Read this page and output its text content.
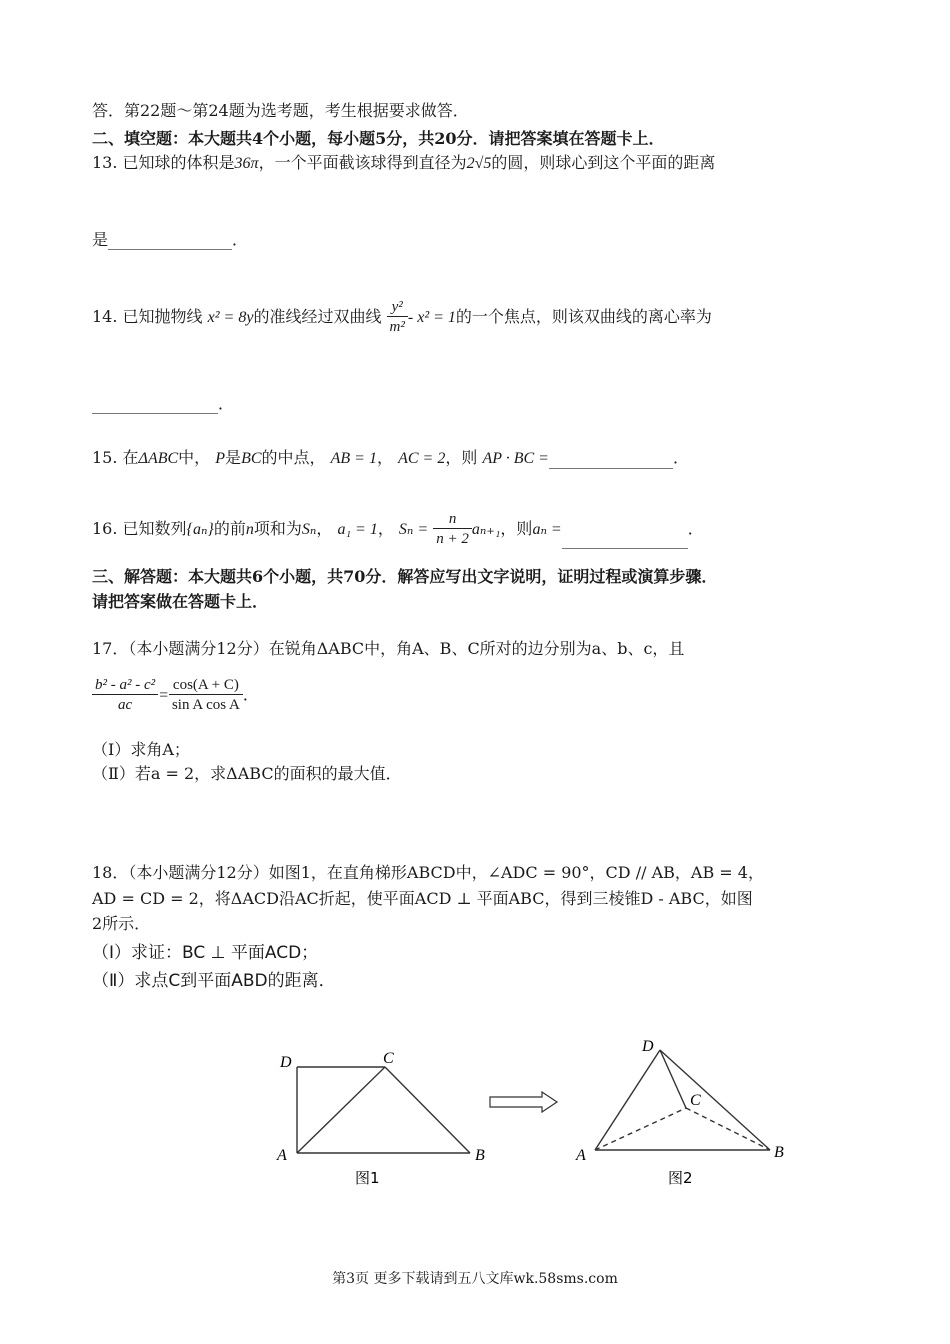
答．第22题～第24题为选考题，考生根据要求做答．
二、填空题：本大题共4个小题，每小题5分，共20分．请把答案填在答题卡上．
13. 已知球的体积是36π，一个平面截该球得到直径为2√5的圆，则球心到这个平面的距离
是	．
14. 已知抛物线 x² = 8y的准线经过双曲线 $\frac{\text{y²}}{\text{m²}} - x^2 = 1$的一个焦点，则该双曲线的离心率为
．
15. 在ΔABC中， P是BC的中点， AB = 1， AC = 2，则 AP · BC =	．
16. 已知数列{aₙ}的前n项和为Sₙ， a₁ = 1， $S_n = \frac{n}{n + 2} a_{n+1}$，则aₙ =	．
三、解答题：本大题共6个小题，共70分．解答应写出文字说明，证明过程或演算步骤．
请把答案做在答题卡上．
17．（本小题满分12分）在锐角ΔABC中，角A、B、C所对的边分别为a、b、c，且
$\frac{\text{b² - a² - c²}}{ac} = \frac{\cos(A + C)}{\text{sin A cos A}}$ ．
（Ⅰ）求角A；
（Ⅱ）若a = 2，求ΔABC的面积的最大值．
18．（本小题满分12分）如图1，在直角梯形ABCD中，∠ADC = 90°，CD // AB，AB = 4，
AD = CD = 2，将ΔACD沿AC折起，使平面ACD ⊥ 平面ABC，得到三棱锥D - ABC，如图
2所示．
（Ⅰ）求证：BC ⊥ 平面ACD；
（Ⅱ）求点C到平面ABD的距离．
D	C
A	B
图1
D
C
A	B
图2
第3页 更多下载请到五八文库wk.58sms.com
